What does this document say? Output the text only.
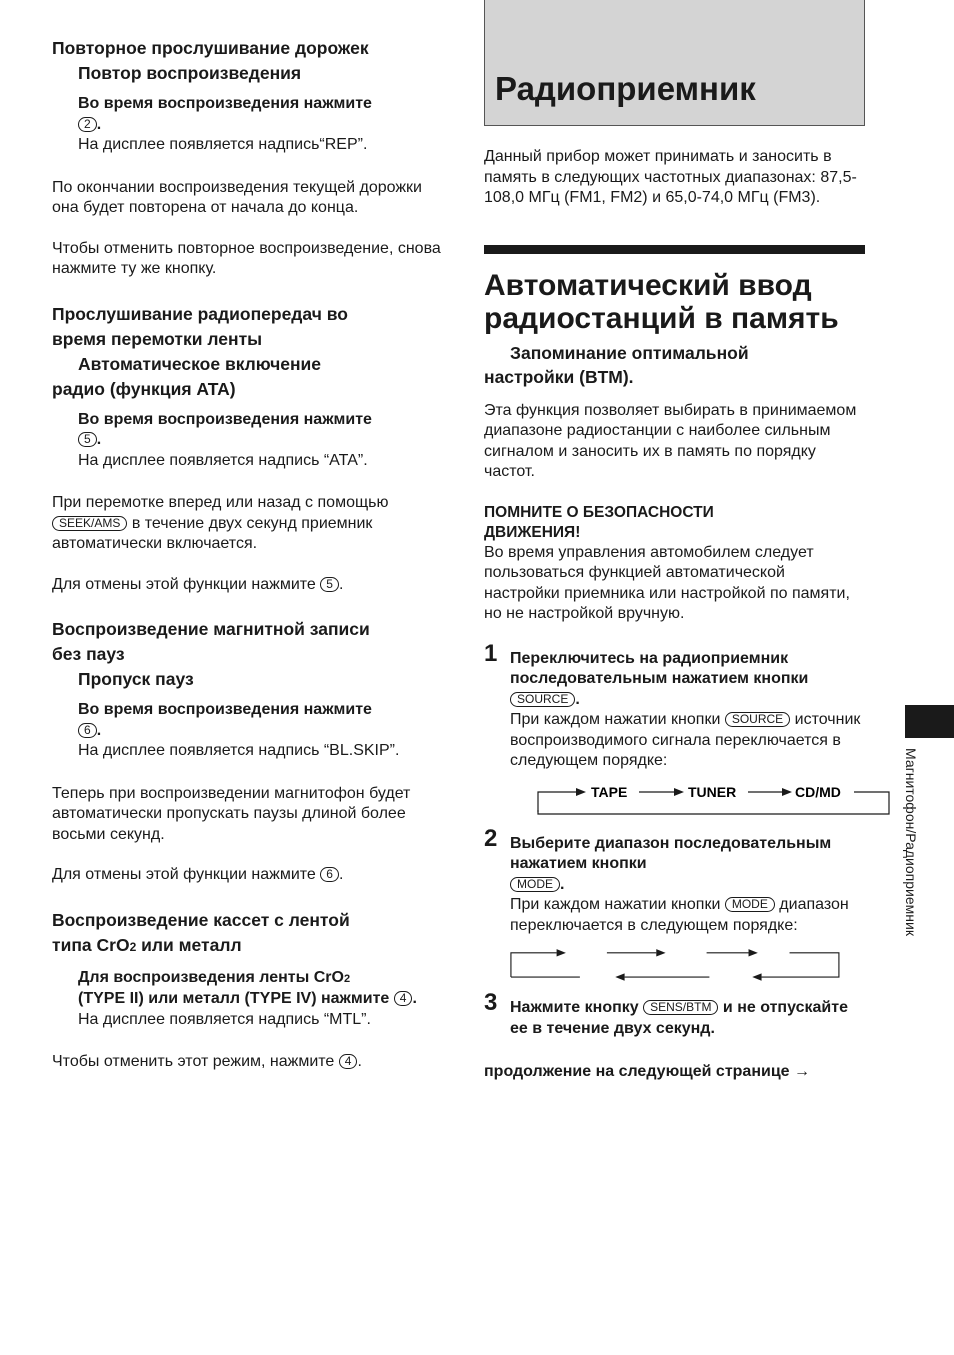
Повторное прослушивание дорожек
Повтор воспроизведения

Во время воспроизведения нажмите
2 .
На дисплее появляется надпись“REP”.

По окончании воспроизведения текущей дорожки она будет повторена от начала до конца.

Чтобы отменить повторное воспроизведение, снова нажмите ту же кнопку.

Прослушивание радиопередач во
время перемотки ленты
Автоматическое включение
радио (функция ATA)

Во время воспроизведения нажмите
5 .
На дисплее появляется надпись “ATA”.

При перемотке вперед или назад с помощью SEEK/AMS в течение двух секунд приемник автоматически включается.

Для отмены этой функции нажмите 5 .

Воспроизведение магнитной записи
без пауз
Пропуск пауз

Во время воспроизведения нажмите
6 .
На дисплее появляется надпись “BL.SKIP”.

Теперь при воспроизведении магнитофон будет автоматически пропускать паузы длиной более восьми секунд.

Для отмены этой функции нажмите 6 .

Воспроизведение кассет с лентой
типа CrO2 или металл

Для воспроизведения ленты CrO2
(TYPE II) или металл (TYPE IV) нажмите 4 .
На дисплее появляется надпись “MTL”.

Чтобы отменить этот режим, нажмите 4 .

Радиоприемник

Данный прибор может принимать и заносить в память в следующих частотных диапазонах: 87,5-108,0 МГц (FM1, FM2) и 65,0-74,0 МГц (FM3).

Автоматический ввод радиостанций в память

Запоминание оптимальной
настройки (BTM).

Эта функция позволяет выбирать в принимаемом диапазоне радиостанции с наиболее сильным сигналом и заносить их в память по порядку частот.

ПОМНИТЕ О БЕЗОПАСНОСТИ ДВИЖЕНИЯ!

Во время управления автомобилем следует пользоваться функцией автоматической настройки приемника или настройкой по памяти, но не настройкой вручную.

1 Переключитесь на радиоприемник последовательным нажатием кнопки
SOURCE .
При каждом нажатии кнопки SOURCE источник воспроизводимого сигнала переключается в следующем порядке:
TAPE	TUNER	CD/MD
2 Выберите диапазон последовательным нажатием кнопки
MODE .
При каждом нажатии кнопки MODE диапазон переключается в следующем порядке:
3 Нажмите кнопку SENS/BTM и не отпускайте ее в течение двух секунд.
продолжение на следующей странице →
Магнитофон/Радиоприемник
